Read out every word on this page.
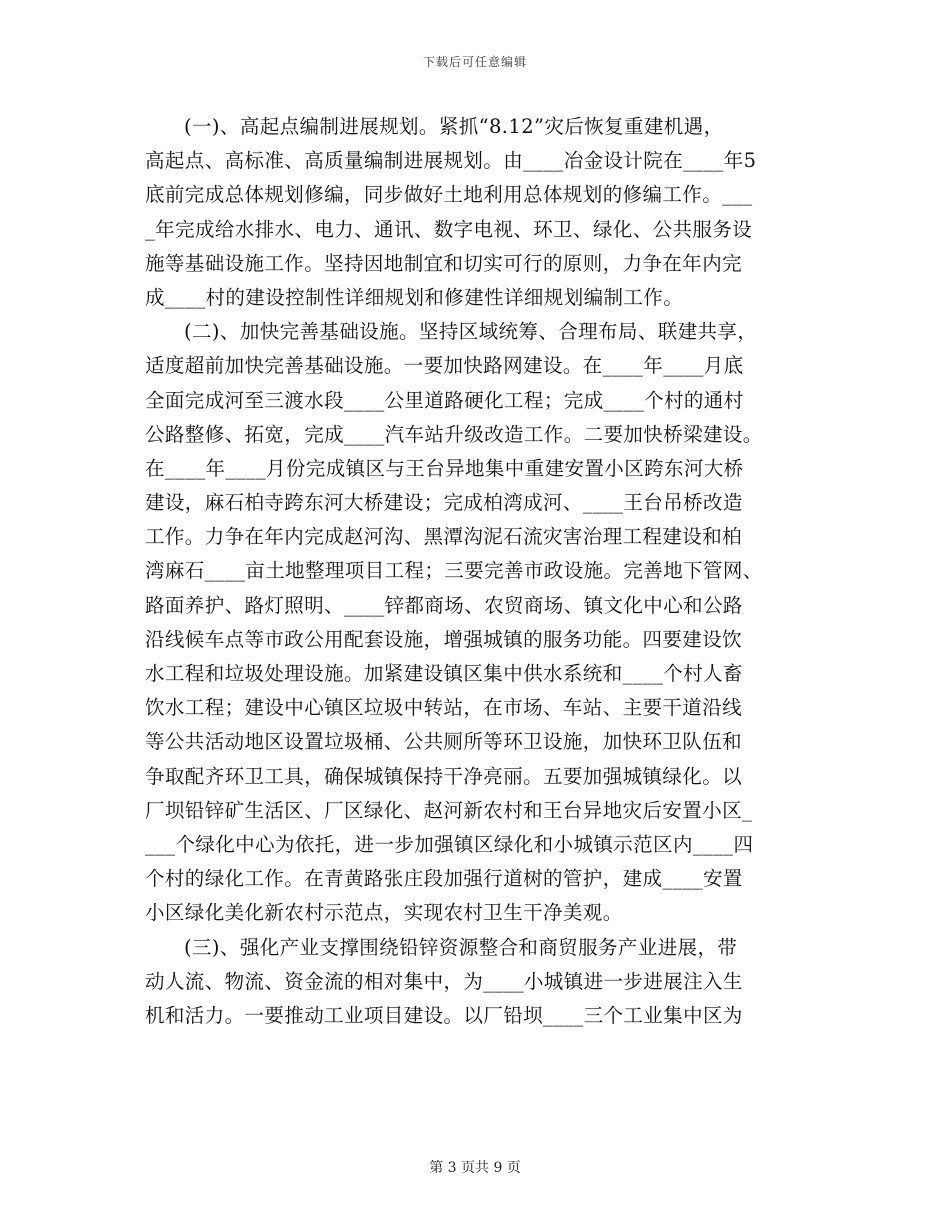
下载后可任意编辑
(一)、高起点编制进展规划。紧抓“8.12”灾后恢复重建机遇，
高起点、高标准、高质量编制进展规划。由____冶金设计院在____年5
底前完成总体规划修编，同步做好土地利用总体规划的修编工作。___
_年完成给水排水、电力、通讯、数字电视、环卫、绿化、公共服务设
施等基础设施工作。坚持因地制宜和切实可行的原则，力争在年内完
成____村的建设控制性详细规划和修建性详细规划编制工作。
(二)、加快完善基础设施。坚持区域统筹、合理布局、联建共享，
适度超前加快完善基础设施。一要加快路网建设。在____年____月底
全面完成河至三渡水段____公里道路硬化工程；完成____个村的通村
公路整修、拓宽，完成____汽车站升级改造工作。二要加快桥梁建设。
在____年____月份完成镇区与王台异地集中重建安置小区跨东河大桥
建设，麻石柏寺跨东河大桥建设；完成柏湾成河、____王台吊桥改造
工作。力争在年内完成赵河沟、黑潭沟泥石流灾害治理工程建设和柏
湾麻石____亩土地整理项目工程；三要完善市政设施。完善地下管网、
路面养护、路灯照明、____锌都商场、农贸商场、镇文化中心和公路
沿线候车点等市政公用配套设施，增强城镇的服务功能。四要建设饮
水工程和垃圾处理设施。加紧建设镇区集中供水系统和____个村人畜
饮水工程；建设中心镇区垃圾中转站，在市场、车站、主要干道沿线
等公共活动地区设置垃圾桶、公共厕所等环卫设施，加快环卫队伍和
争取配齐环卫工具，确保城镇保持干净亮丽。五要加强城镇绿化。以
厂坝铅锌矿生活区、厂区绿化、赵河新农村和王台异地灾后安置小区_
___个绿化中心为依托，进一步加强镇区绿化和小城镇示范区内____四
个村的绿化工作。在青黄路张庄段加强行道树的管护，建成____安置
小区绿化美化新农村示范点，实现农村卫生干净美观。
(三)、强化产业支撑围绕铅锌资源整合和商贸服务产业进展，带
动人流、物流、资金流的相对集中，为____小城镇进一步进展注入生
机和活力。一要推动工业项目建设。以厂铅坝____三个工业集中区为
第 3 页共 9 页
